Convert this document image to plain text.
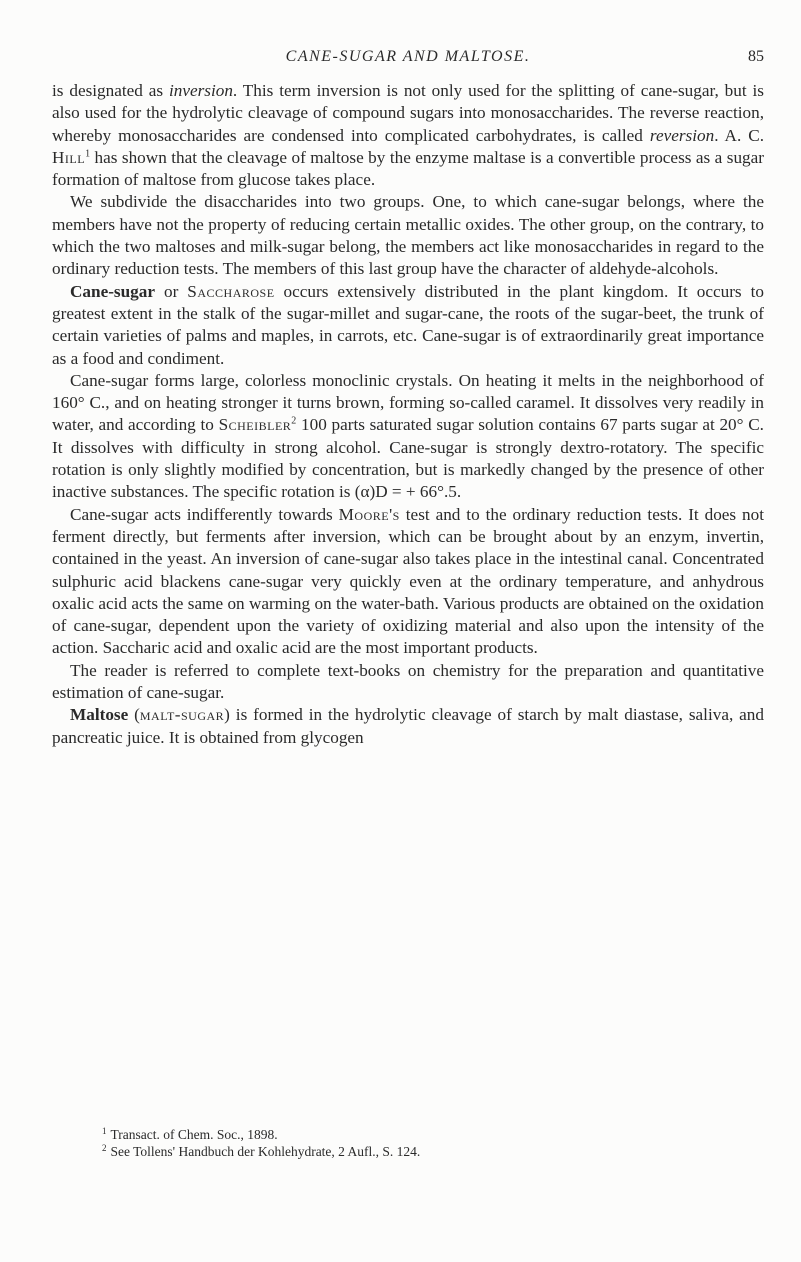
CANE-SUGAR AND MALTOSE.	85

is designated as inversion. This term inversion is not only used for the splitting of cane-sugar, but is also used for the hydrolytic cleavage of compound sugars into monosaccharides. The reverse reaction, whereby monosaccharides are condensed into complicated carbohydrates, is called reversion. A. C. Hill$^1$ has shown that the cleavage of maltose by the enzyme maltase is a convertible process as a sugar formation of maltose from glucose takes place.

We subdivide the disaccharides into two groups. One, to which cane-sugar belongs, where the members have not the property of reducing certain metallic oxides. The other group, on the contrary, to which the two maltoses and milk-sugar belong, the members act like monosaccharides in regard to the ordinary reduction tests. The members of this last group have the character of aldehyde-alcohols.

Cane-sugar or Saccharose occurs extensively distributed in the plant kingdom. It occurs to greatest extent in the stalk of the sugar-millet and sugar-cane, the roots of the sugar-beet, the trunk of certain varieties of palms and maples, in carrots, etc. Cane-sugar is of extraordinarily great importance as a food and condiment.

Cane-sugar forms large, colorless monoclinic crystals. On heating it melts in the neighborhood of 160° C., and on heating stronger it turns brown, forming so-called caramel. It dissolves very readily in water, and according to Scheibler$^2$ 100 parts saturated sugar solution contains 67 parts sugar at 20° C. It dissolves with difficulty in strong alcohol. Cane-sugar is strongly dextro-rotatory. The specific rotation is only slightly modified by concentration, but is markedly changed by the presence of other inactive substances. The specific rotation is (α)D = + 66°.5.

Cane-sugar acts indifferently towards Moore's test and to the ordinary reduction tests. It does not ferment directly, but ferments after inversion, which can be brought about by an enzym, invertin, contained in the yeast. An inversion of cane-sugar also takes place in the intestinal canal. Concentrated sulphuric acid blackens cane-sugar very quickly even at the ordinary temperature, and anhydrous oxalic acid acts the same on warming on the water-bath. Various products are obtained on the oxidation of cane-sugar, dependent upon the variety of oxidizing material and also upon the intensity of the action. Saccharic acid and oxalic acid are the most important products.

The reader is referred to complete text-books on chemistry for the preparation and quantitative estimation of cane-sugar.

Maltose (malt-sugar) is formed in the hydrolytic cleavage of starch by malt diastase, saliva, and pancreatic juice. It is obtained from glycogen

$^1$ Transact. of Chem. Soc., 1898.

$^2$ See Tollens' Handbuch der Kohlehydrate, 2 Aufl., S. 124.
